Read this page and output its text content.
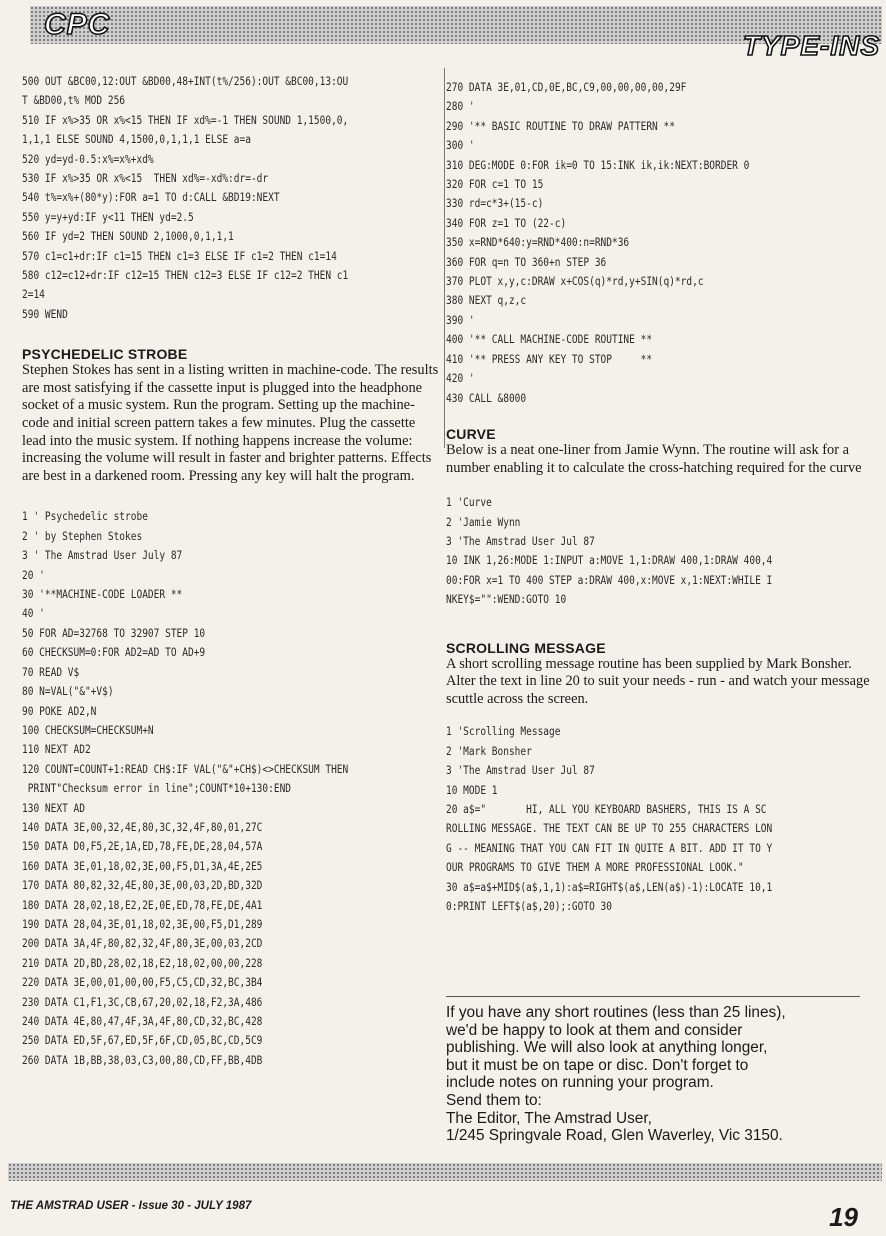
CPC
TYPE-INS
500 OUT &BC00,12:OUT &BD00,48+INT(t%/256):OUT &BC00,13:OU
T &BD00,t% MOD 256
510 IF x%>35 OR x%<15 THEN IF xd%=-1 THEN SOUND 1,1500,0,
1,1,1 ELSE SOUND 4,1500,0,1,1,1 ELSE a=a
520 yd=yd-0.5:x%=x%+xd%
530 IF x%>35 OR x%<15  THEN xd%=-xd%:dr=-dr
540 t%=x%+(80*y):FOR a=1 TO d:CALL &BD19:NEXT
550 y=y+yd:IF y<11 THEN yd=2.5
560 IF yd=2 THEN SOUND 2,1000,0,1,1,1
570 c1=c1+dr:IF c1=15 THEN c1=3 ELSE IF c1=2 THEN c1=14
580 c12=c12+dr:IF c12=15 THEN c12=3 ELSE IF c12=2 THEN c1
2=14
590 WEND

PSYCHEDELIC STROBE

Stephen Stokes has sent in a listing written in machine-code. The results are most satisfying if the cassette input is plugged into the headphone socket of a music system. Run the program. Setting up the machine-code and initial screen pattern takes a few minutes. Plug the cassette lead into the music system. If nothing happens increase the volume: increasing the volume will result in faster and brighter patterns. Effects are best in a darkened room. Pressing any key will halt the program.

1 ' Psychedelic strobe
2 ' by Stephen Stokes
3 ' The Amstrad User July 87
20 '
30 '**MACHINE-CODE LOADER **
40 '
50 FOR AD=32768 TO 32907 STEP 10
60 CHECKSUM=0:FOR AD2=AD TO AD+9
70 READ V$
80 N=VAL("&"+V$)
90 POKE AD2,N
100 CHECKSUM=CHECKSUM+N
110 NEXT AD2
120 COUNT=COUNT+1:READ CH$:IF VAL("&"+CH$)<>CHECKSUM THEN
PRINT"Checksum error in line";COUNT*10+130:END
130 NEXT AD
140 DATA 3E,00,32,4E,80,3C,32,4F,80,01,27C
150 DATA D0,F5,2E,1A,ED,78,FE,DE,28,04,57A
160 DATA 3E,01,18,02,3E,00,F5,D1,3A,4E,2E5
170 DATA 80,82,32,4E,80,3E,00,03,2D,BD,32D
180 DATA 28,02,18,E2,2E,0E,ED,78,FE,DE,4A1
190 DATA 28,04,3E,01,18,02,3E,00,F5,D1,289
200 DATA 3A,4F,80,82,32,4F,80,3E,00,03,2CD
210 DATA 2D,BD,28,02,18,E2,18,02,00,00,228
220 DATA 3E,00,01,00,00,F5,C5,CD,32,BC,3B4
230 DATA C1,F1,3C,CB,67,20,02,18,F2,3A,486
240 DATA 4E,80,47,4F,3A,4F,80,CD,32,BC,428
250 DATA ED,5F,67,ED,5F,6F,CD,05,BC,CD,5C9
260 DATA 1B,BB,38,03,C3,00,80,CD,FF,BB,4DB
270 DATA 3E,01,CD,0E,BC,C9,00,00,00,00,29F
280 '
290 '** BASIC ROUTINE TO DRAW PATTERN **
300 '
310 DEG:MODE 0:FOR ik=0 TO 15:INK ik,ik:NEXT:BORDER 0
320 FOR c=1 TO 15
330 rd=c*3+(15-c)
340 FOR z=1 TO (22-c)
350 x=RND*640:y=RND*400:n=RND*36
360 FOR q=n TO 360+n STEP 36
370 PLOT x,y,c:DRAW x+COS(q)*rd,y+SIN(q)*rd,c
380 NEXT q,z,c
390 '
400 '** CALL MACHINE-CODE ROUTINE **
410 '** PRESS ANY KEY TO STOP     **
420 '
430 CALL &8000

CURVE

Below is a neat one-liner from Jamie Wynn. The routine will ask for a number enabling it to calculate the cross-hatching required for the curve

1 'Curve
2 'Jamie Wynn
3 'The Amstrad User Jul 87
10 INK 1,26:MODE 1:INPUT a:MOVE 1,1:DRAW 400,1:DRAW 400,4
00:FOR x=1 TO 400 STEP a:DRAW 400,x:MOVE x,1:NEXT:WHILE I
NKEY$="":WEND:GOTO 10

SCROLLING MESSAGE

A short scrolling message routine has been supplied by Mark Bonsher. Alter the text in line 20 to suit your needs - run - and watch your message scuttle across the screen.

1 'Scrolling Message
2 'Mark Bonsher
3 'The Amstrad User Jul 87
10 MODE 1
20 a$="       HI, ALL YOU KEYBOARD BASHERS, THIS IS A SC
ROLLING MESSAGE. THE TEXT CAN BE UP TO 255 CHARACTERS LON
G -- MEANING THAT YOU CAN FIT IN QUITE A BIT. ADD IT TO Y
OUR PROGRAMS TO GIVE THEM A MORE PROFESSIONAL LOOK."
30 a$=a$+MID$(a$,1,1):a$=RIGHT$(a$,LEN(a$)-1):LOCATE 10,1
0:PRINT LEFT$(a$,20);:GOTO 30

If you have any short routines (less than 25 lines),

we'd be happy to look at them and consider

publishing. We will also look at anything longer,

but it must be on tape or disc. Don't forget to

include notes on running your program.

Send them to:

The Editor, The Amstrad User,

1/245 Springvale Road, Glen Waverley, Vic 3150.

THE AMSTRAD USER - Issue 30 - JULY 1987	19
